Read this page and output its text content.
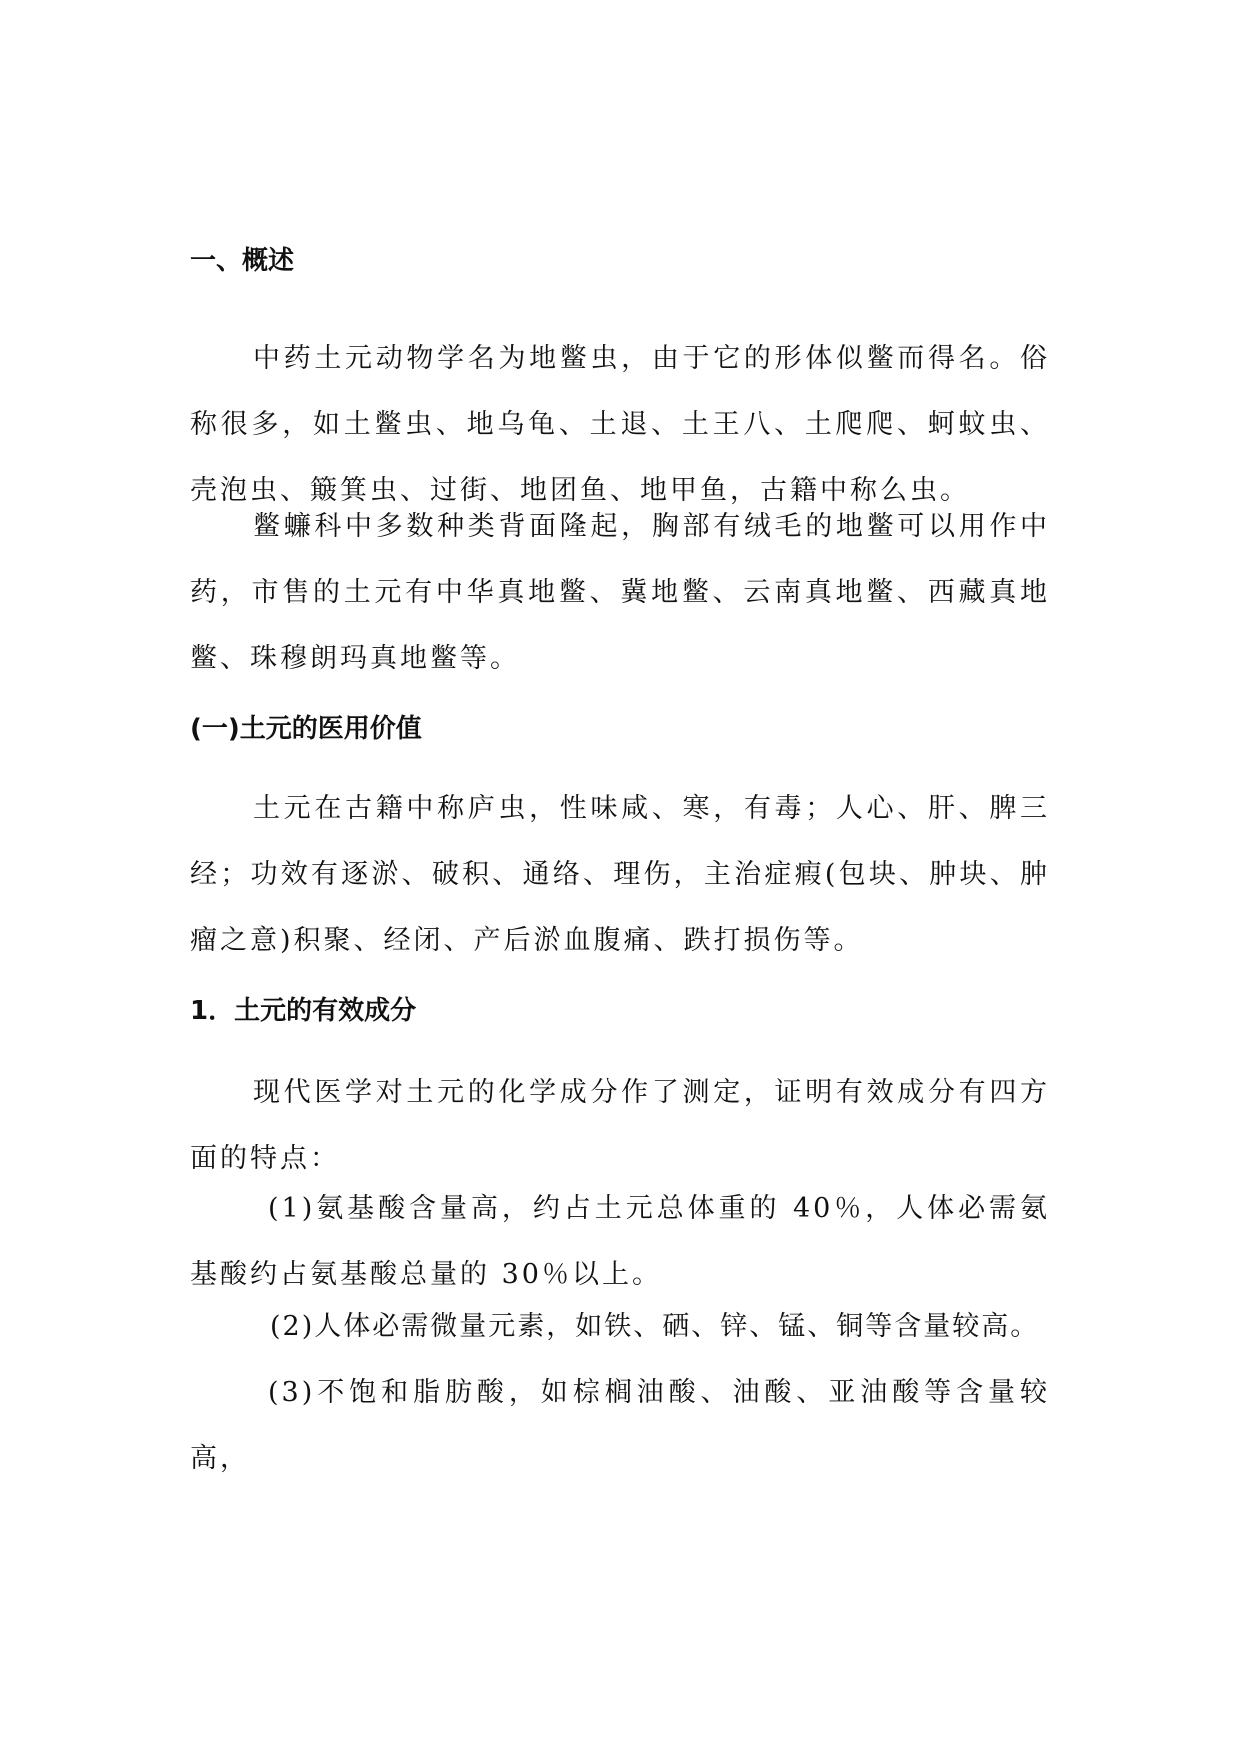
一、概述

中药土元动物学名为地鳖虫，由于它的形体似鳖而得名。俗称很多，如土鳖虫、地乌龟、土退、土王八、土爬爬、蚵蚊虫、壳泡虫、簸箕虫、过街、地团鱼、地甲鱼，古籍中称么虫。

鳖蠊科中多数种类背面隆起，胸部有绒毛的地鳖可以用作中药，市售的土元有中华真地鳖、冀地鳖、云南真地鳖、西藏真地鳖、珠穆朗玛真地鳖等。

(一)土元的医用价值

土元在古籍中称庐虫，性味咸、寒，有毒；人心、肝、脾三经；功效有逐淤、破积、通络、理伤，主治症瘕(包块、肿块、肿瘤之意)积聚、经闭、产后淤血腹痛、跌打损伤等。

1．土元的有效成分

现代医学对土元的化学成分作了测定，证明有效成分有四方面的特点：

(1)氨基酸含量高，约占土元总体重的 40％，人体必需氨基酸约占氨基酸总量的 30％以上。

(2)人体必需微量元素，如铁、硒、锌、锰、铜等含量较高。

(3)不饱和脂肪酸，如棕榈油酸、油酸、亚油酸等含量较高，
